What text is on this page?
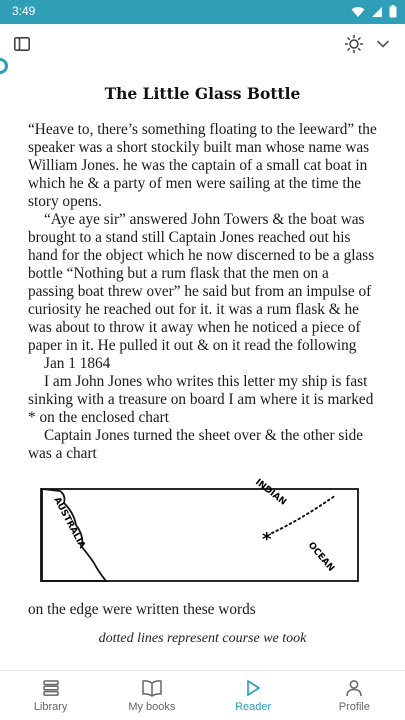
3:49
The Little Glass Bottle

“Heave to, there’s something floating to the leeward” the speaker was a short stockily built man whose name was William Jones. he was the captain of a small cat boat in which he & a party of men were sailing at the time the story opens.

“Aye aye sir” answered John Towers & the boat was brought to a stand still Captain Jones reached out his hand for the object which he now discerned to be a glass bottle “Nothing but a rum flask that the men on a passing boat threw over” he said but from an impulse of curiosity he reached out for it. it was a rum flask & he was about to throw it away when he noticed a piece of paper in it. He pulled it out & on it read the following

Jan 1 1864

I am John Jones who writes this letter my ship is fast sinking with a treasure on board I am where it is marked * on the enclosed chart

Captain Jones turned the sheet over & the other side was a chart

AUSTRALIA
INDIAN
OCEAN
*

on the edge were written these words

dotted lines represent course we took

Library	My books	Reader	Profile
